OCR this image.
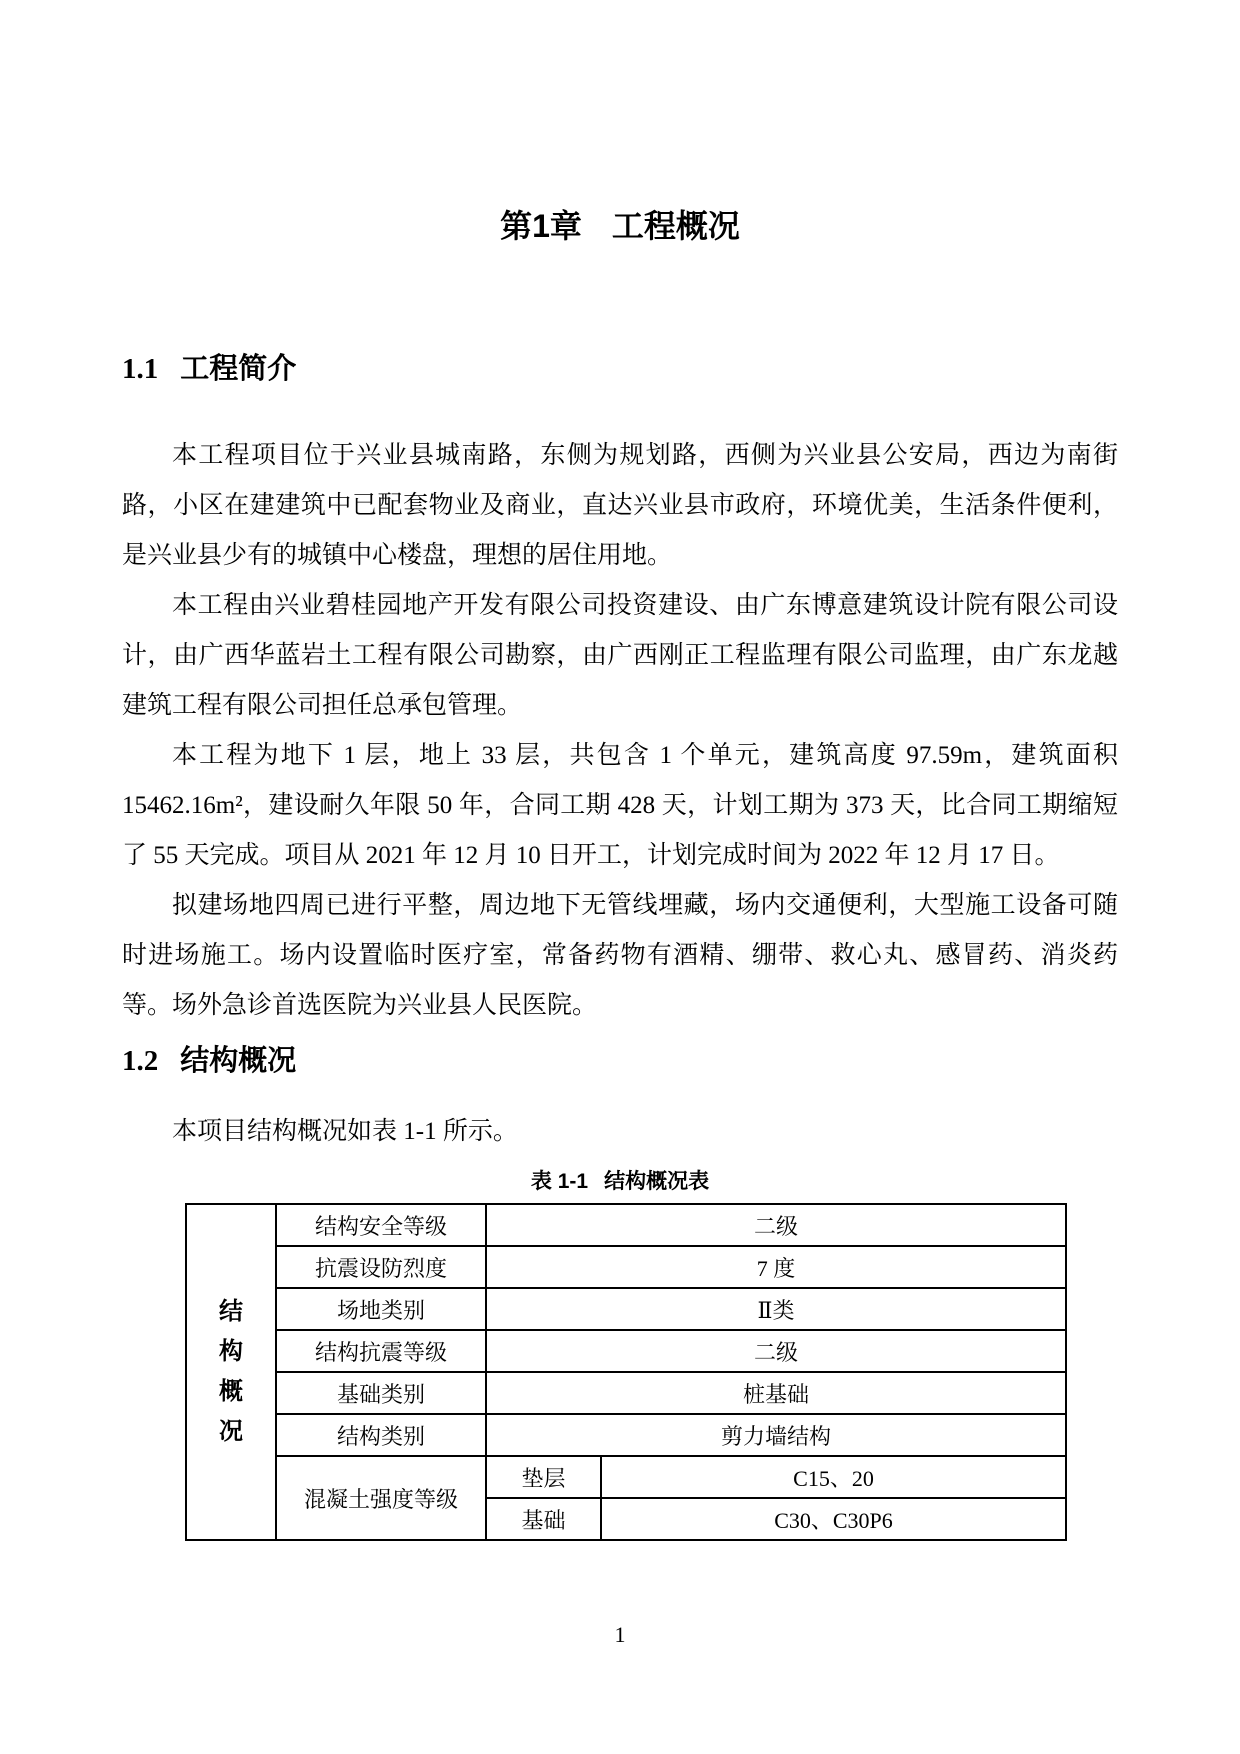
第1章 工程概况
1.1 工程简介

本工程项目位于兴业县城南路，东侧为规划路，西侧为兴业县公安局，西边为南街路，小区在建建筑中已配套物业及商业，直达兴业县市政府，环境优美，生活条件便利，是兴业县少有的城镇中心楼盘，理想的居住用地。

本工程由兴业碧桂园地产开发有限公司投资建设、由广东博意建筑设计院有限公司设计，由广西华蓝岩土工程有限公司勘察，由广西刚正工程监理有限公司监理，由广东龙越建筑工程有限公司担任总承包管理。

本工程为地下 1 层，地上 33 层，共包含 1 个单元，建筑高度 97.59m，建筑面积 15462.16m²，建设耐久年限 50 年，合同工期 428 天，计划工期为 373 天，比合同工期缩短了 55 天完成。项目从 2021 年 12 月 10 日开工，计划完成时间为 2022 年 12 月 17 日。

拟建场地四周已进行平整，周边地下无管线埋藏，场内交通便利，大型施工设备可随时进场施工。场内设置临时医疗室，常备药物有酒精、绷带、救心丸、感冒药、消炎药等。场外急诊首选医院为兴业县人民医院。

1.2 结构概况

本项目结构概况如表 1-1 所示。

表 1-1 结构概况表
结构概况	结构安全等级	二级	
	抗震设防烈度	7 度	
	场地类别	Ⅱ类	
	结构抗震等级	二级	
	基础类别	桩基础	
	结构类别	剪力墙结构	
	混凝土强度等级	垫层	C15、20
		基础	C30、C30P6
1
